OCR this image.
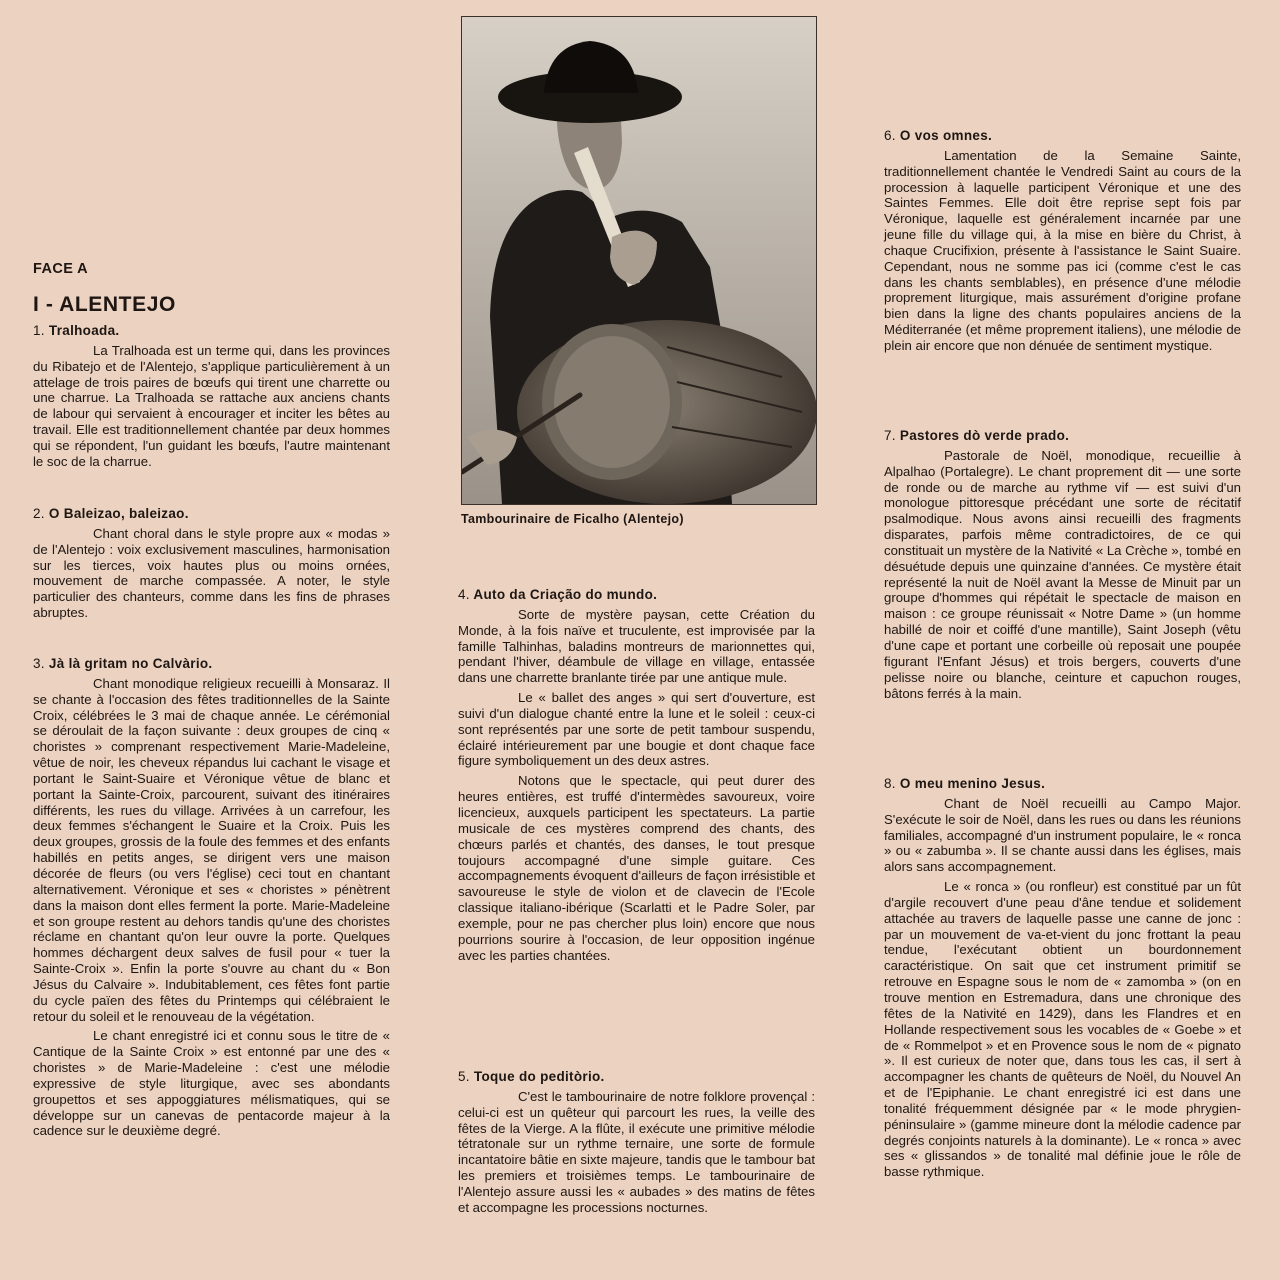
FACE A
I - ALENTEJO
1. Tralhoada.

La Tralhoada est un terme qui, dans les provinces du Ribatejo et de l'Alentejo, s'applique particulièrement à un attelage de trois paires de bœufs qui tirent une charrette ou une charrue. La Tralhoada se rattache aux anciens chants de labour qui servaient à encourager et inciter les bêtes au travail. Elle est traditionnellement chantée par deux hommes qui se répondent, l'un guidant les bœufs, l'autre maintenant le soc de la charrue.

2. O Baleizao, baleizao.

Chant choral dans le style propre aux « modas » de l'Alentejo : voix exclusivement masculines, harmonisation sur les tierces, voix hautes plus ou moins ornées, mouvement de marche compassée. A noter, le style particulier des chanteurs, comme dans les fins de phrases abruptes.

3. Jà là gritam no Calvàrio.

Chant monodique religieux recueilli à Monsaraz. Il se chante à l'occasion des fêtes traditionnelles de la Sainte Croix, célébrées le 3 mai de chaque année. Le cérémonial se déroulait de la façon suivante : deux groupes de cinq « choristes » comprenant respectivement Marie-Madeleine, vêtue de noir, les cheveux répandus lui cachant le visage et portant le Saint-Suaire et Véronique vêtue de blanc et portant la Sainte-Croix, parcourent, suivant des itinéraires différents, les rues du village. Arrivées à un carrefour, les deux femmes s'échangent le Suaire et la Croix. Puis les deux groupes, grossis de la foule des femmes et des enfants habillés en petits anges, se dirigent vers une maison décorée de fleurs (ou vers l'église) ceci tout en chantant alternativement. Véronique et ses « choristes » pénètrent dans la maison dont elles ferment la porte. Marie-Madeleine et son groupe restent au dehors tandis qu'une des choristes réclame en chantant qu'on leur ouvre la porte. Quelques hommes déchargent deux salves de fusil pour « tuer la Sainte-Croix ». Enfin la porte s'ouvre au chant du « Bon Jésus du Calvaire ». Indubitablement, ces fêtes font partie du cycle païen des fêtes du Printemps qui célébraient le retour du soleil et le renouveau de la végétation.

Le chant enregistré ici et connu sous le titre de « Cantique de la Sainte Croix » est entonné par une des « choristes » de Marie-Madeleine : c'est une mélodie expressive de style liturgique, avec ses abondants groupettos et ses appoggiatures mélismatiques, qui se développe sur un canevas de pentacorde majeur à la cadence sur le deuxième degré.

Tambourinaire de Ficalho (Alentejo)

4. Auto da Criação do mundo.

Sorte de mystère paysan, cette Création du Monde, à la fois naïve et truculente, est improvisée par la famille Talhinhas, baladins montreurs de marionnettes qui, pendant l'hiver, déambule de village en village, entassée dans une charrette branlante tirée par une antique mule.

Le « ballet des anges » qui sert d'ouverture, est suivi d'un dialogue chanté entre la lune et le soleil : ceux-ci sont représentés par une sorte de petit tambour suspendu, éclairé intérieurement par une bougie et dont chaque face figure symboliquement un des deux astres.

Notons que le spectacle, qui peut durer des heures entières, est truffé d'intermèdes savoureux, voire licencieux, auxquels participent les spectateurs. La partie musicale de ces mystères comprend des chants, des chœurs parlés et chantés, des danses, le tout presque toujours accompagné d'une simple guitare. Ces accompagnements évoquent d'ailleurs de façon irrésistible et savoureuse le style de violon et de clavecin de l'Ecole classique italiano-ibérique (Scarlatti et le Padre Soler, par exemple, pour ne pas chercher plus loin) encore que nous pourrions sourire à l'occasion, de leur opposition ingénue avec les parties chantées.

5. Toque do peditòrio.

C'est le tambourinaire de notre folklore provençal : celui-ci est un quêteur qui parcourt les rues, la veille des fêtes de la Vierge. A la flûte, il exécute une primitive mélodie tétratonale sur un rythme ternaire, une sorte de formule incantatoire bâtie en sixte majeure, tandis que le tambour bat les premiers et troisièmes temps. Le tambourinaire de l'Alentejo assure aussi les « aubades » des matins de fêtes et accompagne les processions nocturnes.

6. O vos omnes.

Lamentation de la Semaine Sainte, traditionnellement chantée le Vendredi Saint au cours de la procession à laquelle participent Véronique et une des Saintes Femmes. Elle doit être reprise sept fois par Véronique, laquelle est généralement incarnée par une jeune fille du village qui, à la mise en bière du Christ, à chaque Crucifixion, présente à l'assistance le Saint Suaire. Cependant, nous ne somme pas ici (comme c'est le cas dans les chants semblables), en présence d'une mélodie proprement liturgique, mais assurément d'origine profane bien dans la ligne des chants populaires anciens de la Méditerranée (et même proprement italiens), une mélodie de plein air encore que non dénuée de sentiment mystique.

7. Pastores dò verde prado.

Pastorale de Noël, monodique, recueillie à Alpalhao (Portalegre). Le chant proprement dit — une sorte de ronde ou de marche au rythme vif — est suivi d'un monologue pittoresque précédant une sorte de récitatif psalmodique. Nous avons ainsi recueilli des fragments disparates, parfois même contradictoires, de ce qui constituait un mystère de la Nativité « La Crèche », tombé en désuétude depuis une quinzaine d'années. Ce mystère était représenté la nuit de Noël avant la Messe de Minuit par un groupe d'hommes qui répétait le spectacle de maison en maison : ce groupe réunissait « Notre Dame » (un homme habillé de noir et coiffé d'une mantille), Saint Joseph (vêtu d'une cape et portant une corbeille où reposait une poupée figurant l'Enfant Jésus) et trois bergers, couverts d'une pelisse noire ou blanche, ceinture et capuchon rouges, bâtons ferrés à la main.

8. O meu menino Jesus.

Chant de Noël recueilli au Campo Major. S'exécute le soir de Noël, dans les rues ou dans les réunions familiales, accompagné d'un instrument populaire, le « ronca » ou « zabumba ». Il se chante aussi dans les églises, mais alors sans accompagnement.

Le « ronca » (ou ronfleur) est constitué par un fût d'argile recouvert d'une peau d'âne tendue et solidement attachée au travers de laquelle passe une canne de jonc : par un mouvement de va-et-vient du jonc frottant la peau tendue, l'exécutant obtient un bourdonnement caractéristique. On sait que cet instrument primitif se retrouve en Espagne sous le nom de « zamomba » (on en trouve mention en Estremadura, dans une chronique des fêtes de la Nativité en 1429), dans les Flandres et en Hollande respectivement sous les vocables de « Goebe » et de « Rommelpot » et en Provence sous le nom de « pignato ». Il est curieux de noter que, dans tous les cas, il sert à accompagner les chants de quêteurs de Noël, du Nouvel An et de l'Epiphanie. Le chant enregistré ici est dans une tonalité fréquemment désignée par « le mode phrygien-péninsulaire » (gamme mineure dont la mélodie cadence par degrés conjoints naturels à la dominante). Le « ronca » avec ses « glissandos » de tonalité mal définie joue le rôle de basse rythmique.
